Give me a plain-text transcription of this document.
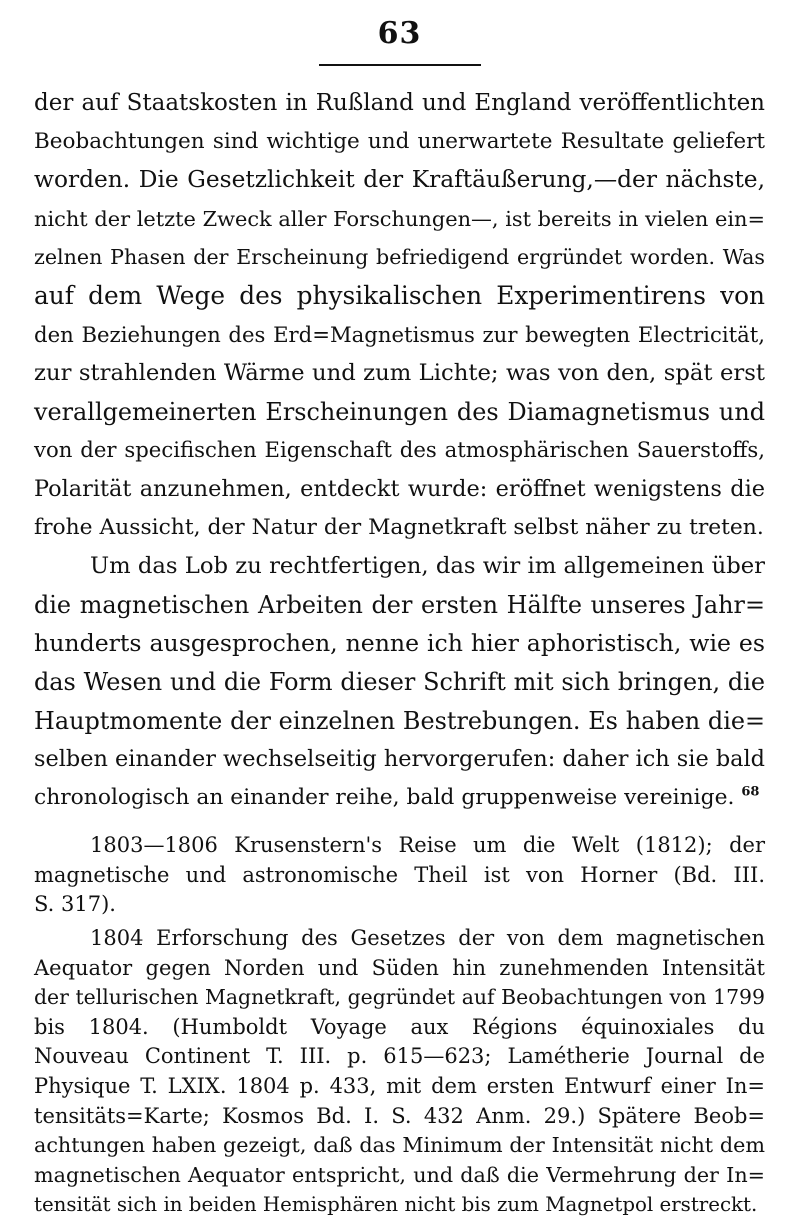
63
der auf Staatskosten in Rußland und England veröffentlichten
Beobachtungen sind wichtige und unerwartete Resultate geliefert
worden. Die Gesetzlichkeit der Kraftäußerung,—der nächste,
nicht der letzte Zweck aller Forschungen—, ist bereits in vielen ein=
zelnen Phasen der Erscheinung befriedigend ergründet worden. Was
auf dem Wege des physikalischen Experimentirens von
den Beziehungen des Erd=Magnetismus zur bewegten Electricität,
zur strahlenden Wärme und zum Lichte; was von den, spät erst
verallgemeinerten Erscheinungen des Diamagnetismus und
von der specifischen Eigenschaft des atmosphärischen Sauerstoffs,
Polarität anzunehmen, entdeckt wurde: eröffnet wenigstens die
frohe Aussicht, der Natur der Magnetkraft selbst näher zu treten.
Um das Lob zu rechtfertigen, das wir im allgemeinen über
die magnetischen Arbeiten der ersten Hälfte unseres Jahr=
hunderts ausgesprochen, nenne ich hier aphoristisch, wie es
das Wesen und die Form dieser Schrift mit sich bringen, die
Hauptmomente der einzelnen Bestrebungen. Es haben die=
selben einander wechselseitig hervorgerufen: daher ich sie bald
chronologisch an einander reihe, bald gruppenweise vereinige. $^{68}$
1803—1806 Krusenstern's Reise um die Welt (1812); der
magnetische und astronomische Theil ist von Horner (Bd. III.
S. 317).
1804 Erforschung des Gesetzes der von dem magnetischen
Aequator gegen Norden und Süden hin zunehmenden Intensität
der tellurischen Magnetkraft, gegründet auf Beobachtungen von 1799
bis 1804. (Humboldt Voyage aux Régions équinoxiales du
Nouveau Continent T. III. p. 615—623; Lamétherie Journal de
Physique T. LXIX. 1804 p. 433, mit dem ersten Entwurf einer In=
tensitäts=Karte; Kosmos Bd. I. S. 432 Anm. 29.) Spätere Beob=
achtungen haben gezeigt, daß das Minimum der Intensität nicht dem
magnetischen Aequator entspricht, und daß die Vermehrung der In=
tensität sich in beiden Hemisphären nicht bis zum Magnetpol erstreckt.
